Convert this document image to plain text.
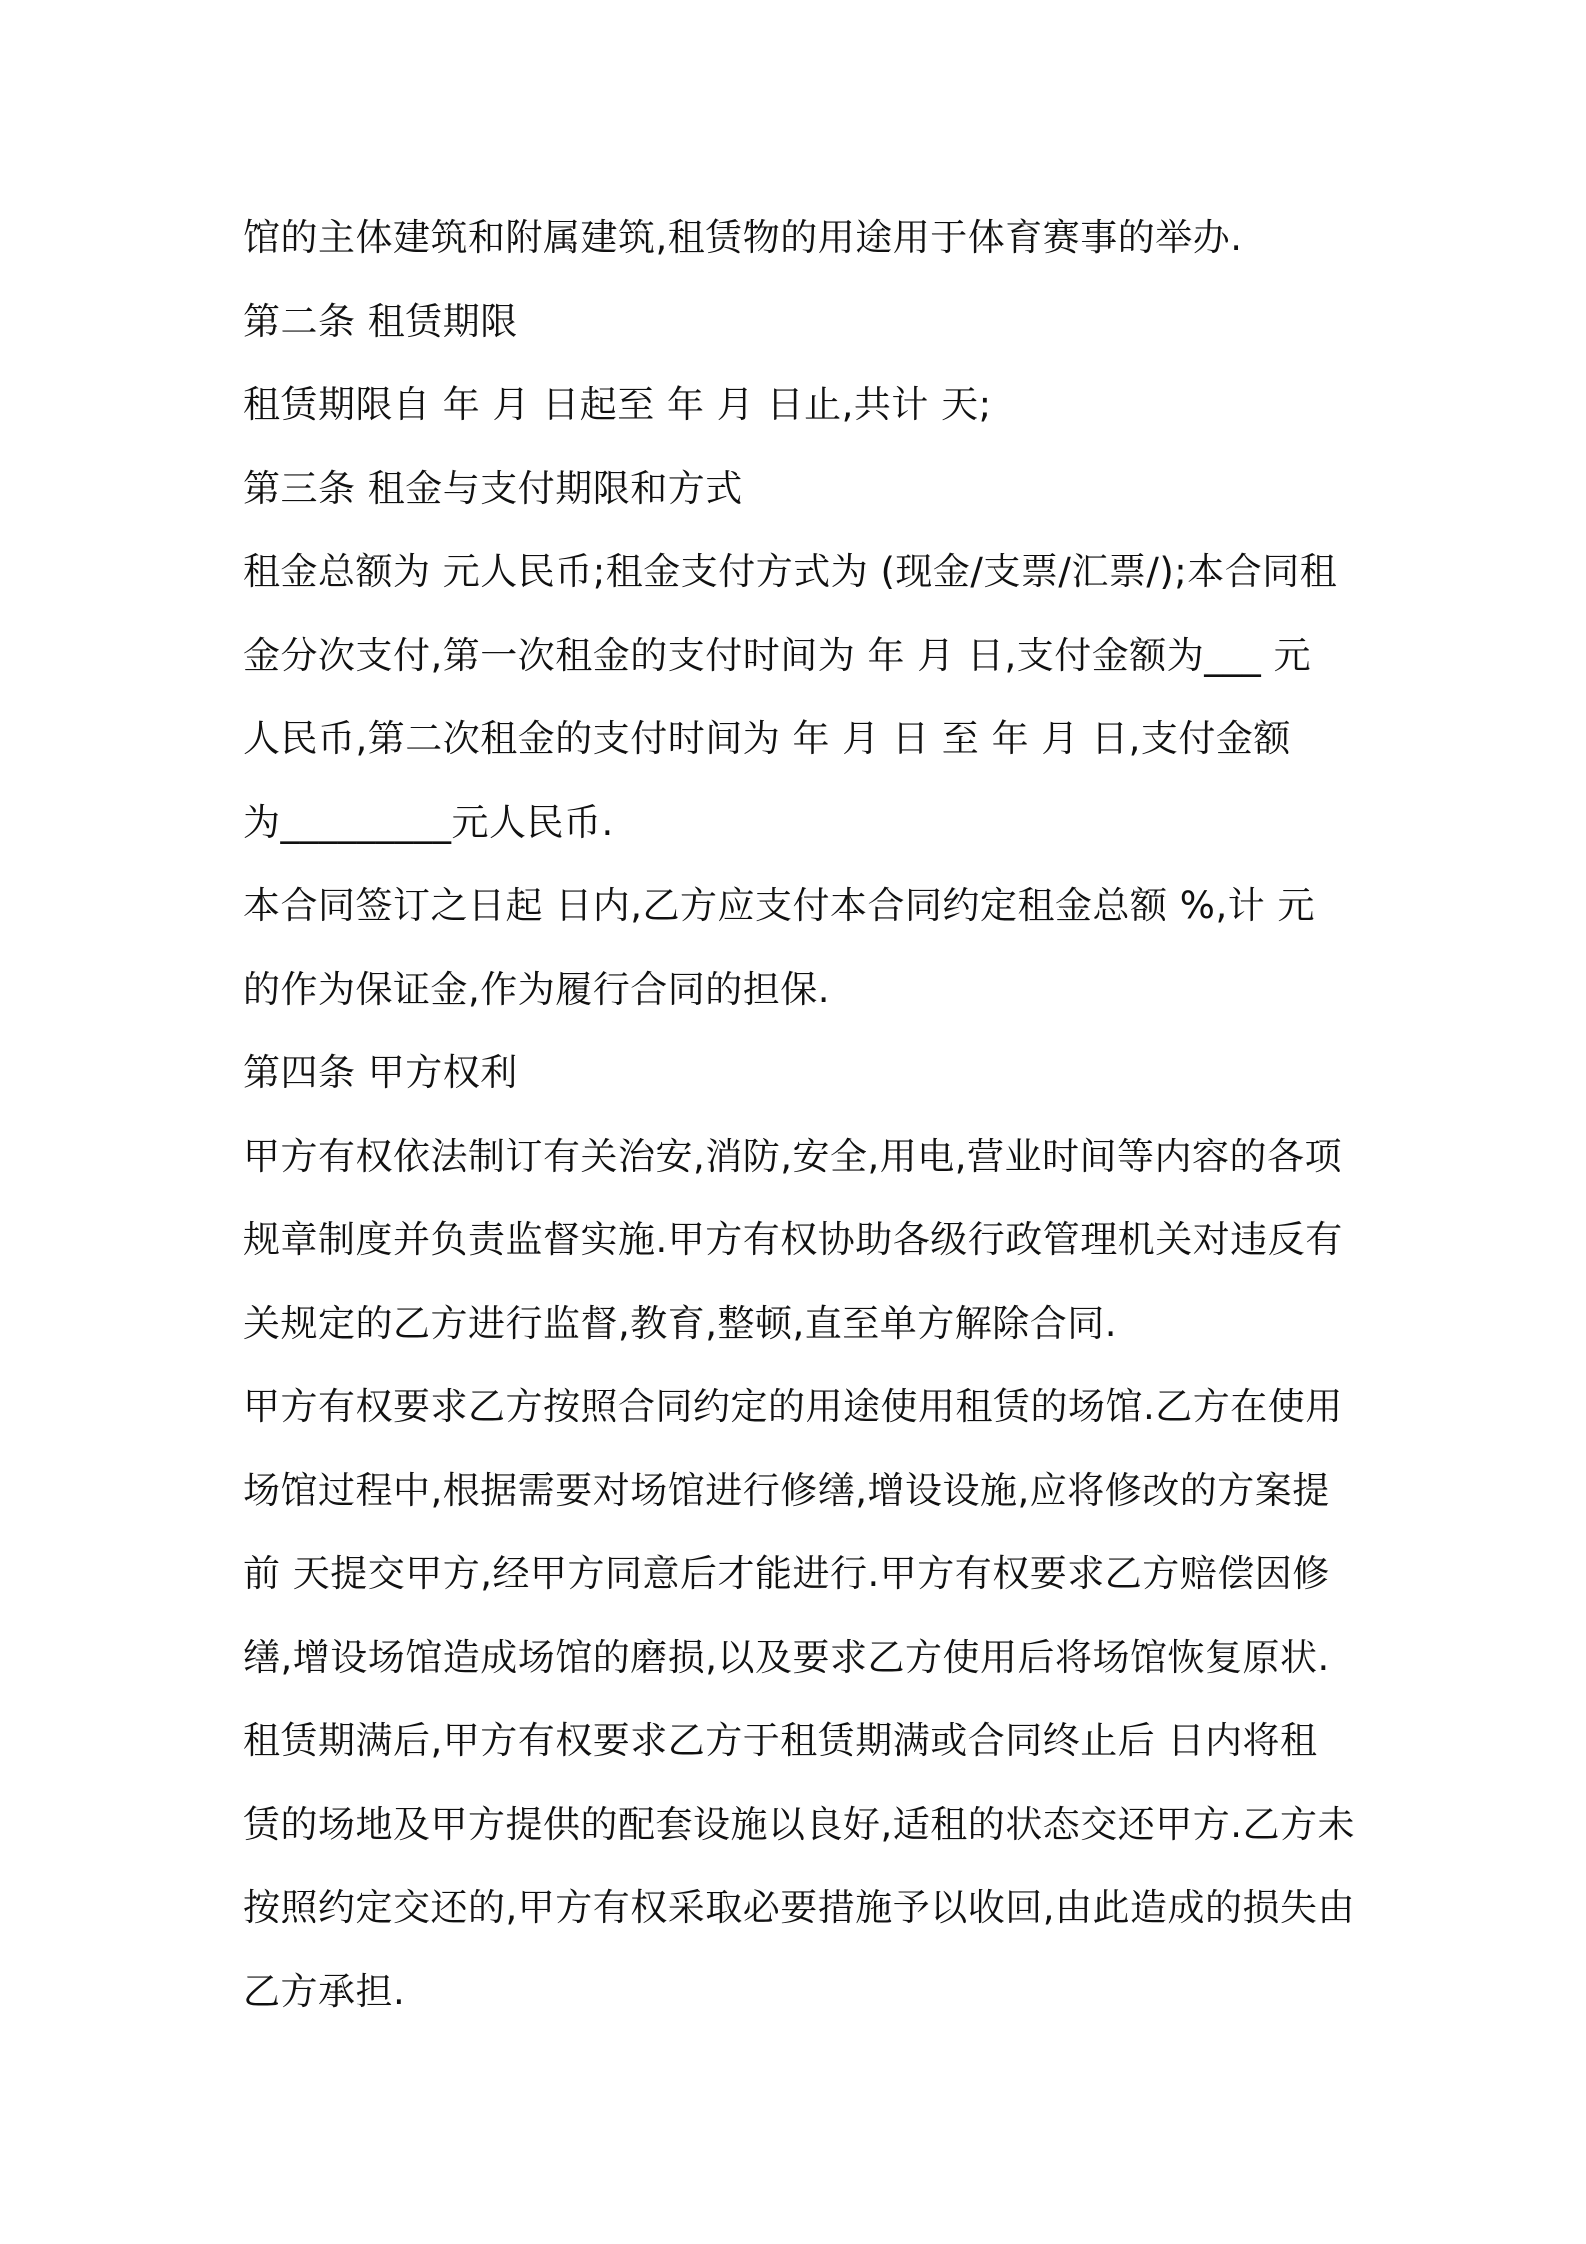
馆的主体建筑和附属建筑,租赁物的用途用于体育赛事的举办.
第二条 租赁期限
租赁期限自 年 月 日起至 年 月 日止,共计 天;
第三条 租金与支付期限和方式
租金总额为 元人民币;租金支付方式为 (现金/支票/汇票/);本合同租
金分次支付,第一次租金的支付时间为 年 月 日,支付金额为___ 元
人民币,第二次租金的支付时间为 年 月 日 至 年 月 日,支付金额
为_________元人民币.
本合同签订之日起 日内,乙方应支付本合同约定租金总额 %,计 元
的作为保证金,作为履行合同的担保.
第四条 甲方权利
甲方有权依法制订有关治安,消防,安全,用电,营业时间等内容的各项
规章制度并负责监督实施.甲方有权协助各级行政管理机关对违反有
关规定的乙方进行监督,教育,整顿,直至单方解除合同.
甲方有权要求乙方按照合同约定的用途使用租赁的场馆.乙方在使用
场馆过程中,根据需要对场馆进行修缮,增设设施,应将修改的方案提
前 天提交甲方,经甲方同意后才能进行.甲方有权要求乙方赔偿因修
缮,增设场馆造成场馆的磨损,以及要求乙方使用后将场馆恢复原状.
租赁期满后,甲方有权要求乙方于租赁期满或合同终止后 日内将租
赁的场地及甲方提供的配套设施以良好,适租的状态交还甲方.乙方未
按照约定交还的,甲方有权采取必要措施予以收回,由此造成的损失由
乙方承担.
